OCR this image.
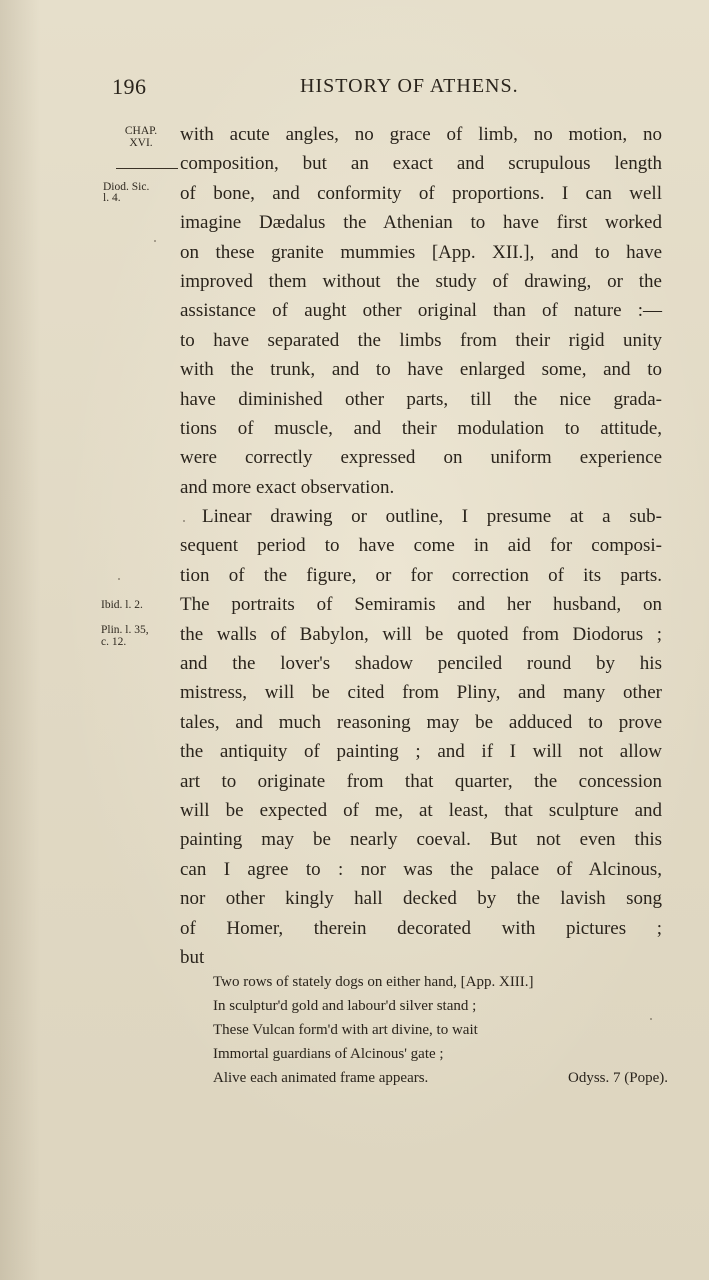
196	HISTORY OF ATHENS.
CHAP.
XVI.
Diod. Sic.
l. 4.
Ibid. l. 2.
Plin. l. 35,
c. 12.
with acute angles, no grace of limb, no motion, no
composition, but an exact and scrupulous length
of bone, and conformity of proportions. I can well
imagine Dædalus the Athenian to have first worked
on these granite mummies [App. XII.], and to have
improved them without the study of drawing, or the
assistance of aught other original than of nature :—
to have separated the limbs from their rigid unity
with the trunk, and to have enlarged some, and to
have diminished other parts, till the nice grada-
tions of muscle, and their modulation to attitude,
were correctly expressed on uniform experience
and more exact observation.
Linear drawing or outline, I presume at a sub-
sequent period to have come in aid for composi-
tion of the figure, or for correction of its parts.
The portraits of Semiramis and her husband, on
the walls of Babylon, will be quoted from Diodorus ;
and the lover's shadow penciled round by his
mistress, will be cited from Pliny, and many other
tales, and much reasoning may be adduced to prove
the antiquity of painting ; and if I will not allow
art to originate from that quarter, the concession
will be expected of me, at least, that sculpture and
painting may be nearly coeval. But not even this
can I agree to : nor was the palace of Alcinous,
nor other kingly hall decked by the lavish song
of Homer, therein decorated with pictures ;
but
Two rows of stately dogs on either hand, [App. XIII.]
In sculptur'd gold and labour'd silver stand ;
These Vulcan form'd with art divine, to wait
Immortal guardians of Alcinous' gate ;
Alive each animated frame appears.	Odyss. 7 (Pope).
